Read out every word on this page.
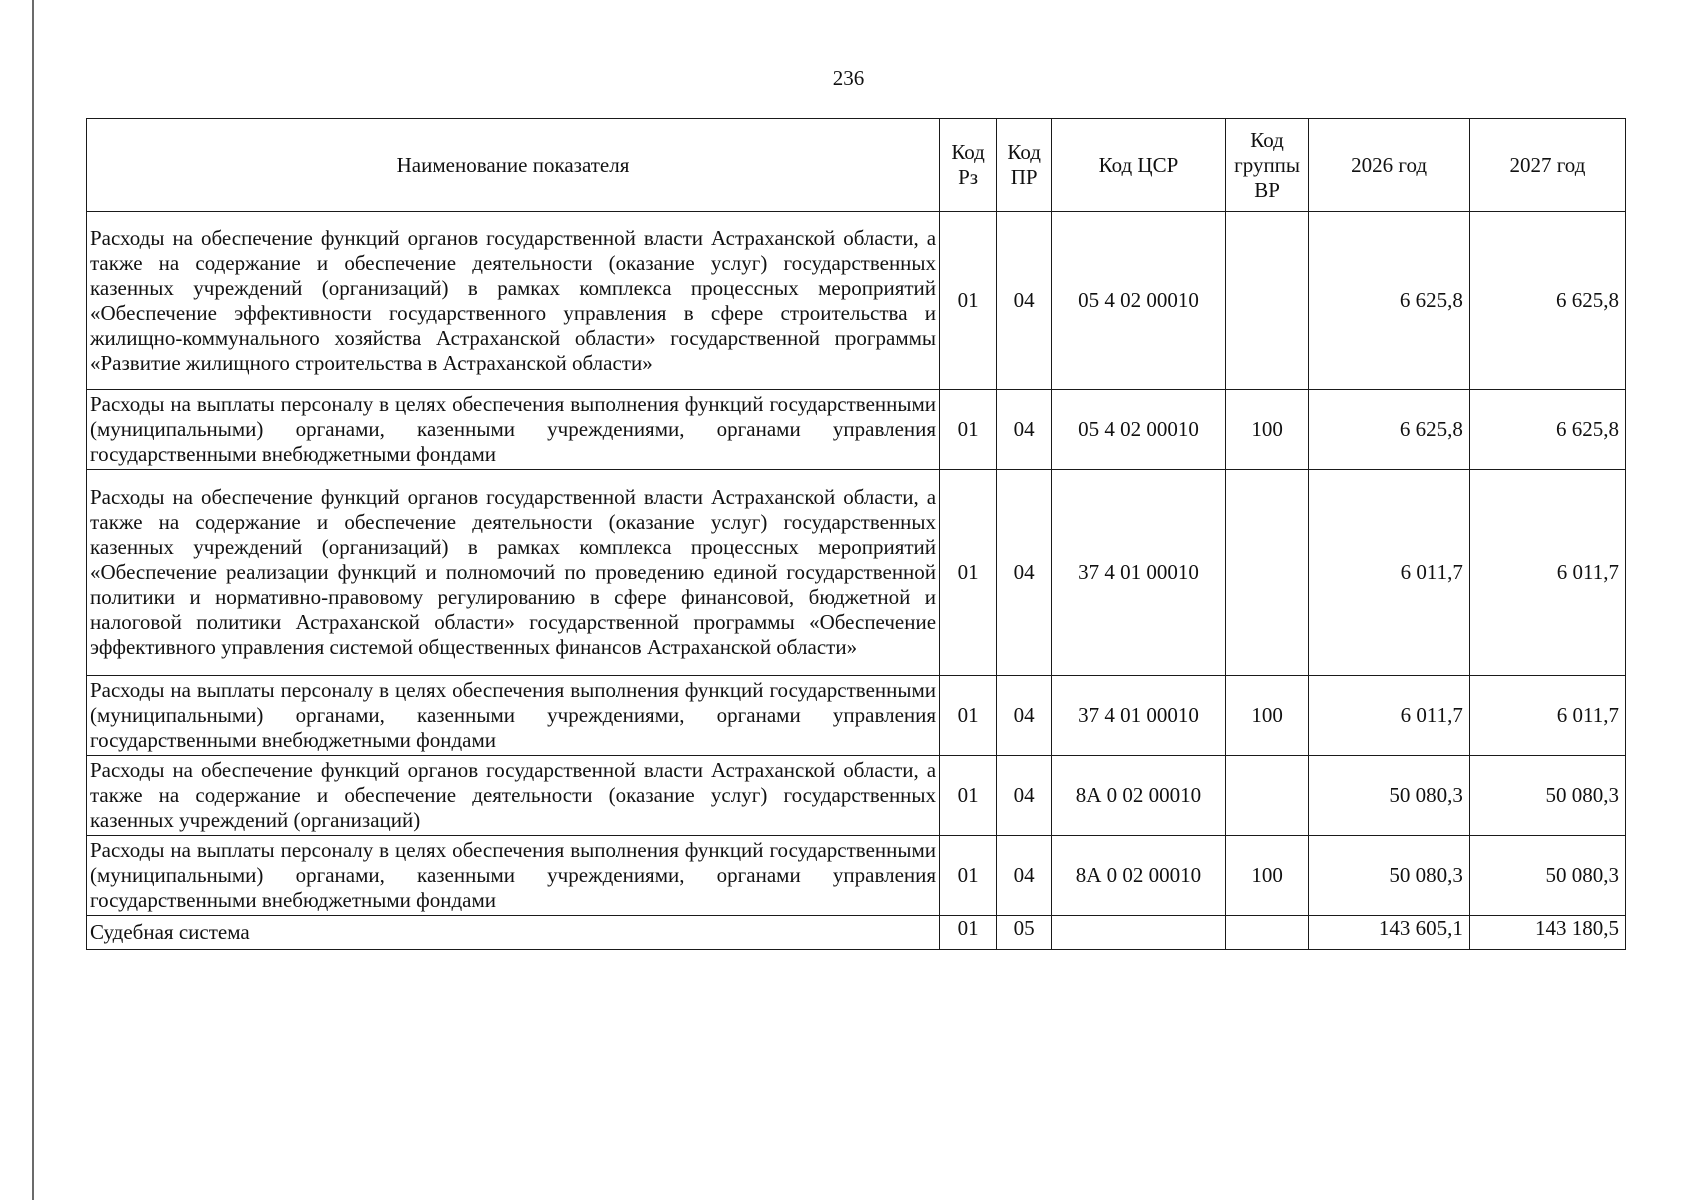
236
Наименование показателя	Код Рз	Код ПР	Код ЦСР	Код группы ВР	2026 год	2027 год
Расходы на обеспечение функций органов государственной власти Астраханской области, а также на содержание и обеспечение деятельности (оказание услуг) государственных казенных учреждений (организаций) в рамках комплекса процессных мероприятий «Обеспечение эффективности государственного управления в сфере строительства и жилищно-коммунального хозяйства Астраханской области» государственной программы «Развитие жилищного строительства в Астраханской области»	01	04	05 4 02 00010		6 625,8	6 625,8
Расходы на выплаты персоналу в целях обеспечения выполнения функций государственными (муниципальными) органами, казенными учреждениями, органами управления государственными внебюджетными фондами	01	04	05 4 02 00010	100	6 625,8	6 625,8
Расходы на обеспечение функций органов государственной власти Астраханской области, а также на содержание и обеспечение деятельности (оказание услуг) государственных казенных учреждений (организаций) в рамках комплекса процессных мероприятий «Обеспечение реализации функций и полномочий по проведению единой государственной политики и нормативно-правовому регулированию в сфере финансовой, бюджетной и налоговой политики Астраханской области» государственной программы «Обеспечение эффективного управления системой общественных финансов Астраханской области»	01	04	37 4 01 00010		6 011,7	6 011,7
Расходы на выплаты персоналу в целях обеспечения выполнения функций государственными (муниципальными) органами, казенными учреждениями, органами управления государственными внебюджетными фондами	01	04	37 4 01 00010	100	6 011,7	6 011,7
Расходы на обеспечение функций органов государственной власти Астраханской области, а также на содержание и обеспечение деятельности (оказание услуг) государственных казенных учреждений (организаций)	01	04	8А 0 02 00010		50 080,3	50 080,3
Расходы на выплаты персоналу в целях обеспечения выполнения функций государственными (муниципальными) органами, казенными учреждениями, органами управления государственными внебюджетными фондами	01	04	8А 0 02 00010	100	50 080,3	50 080,3
Судебная система	01	05			143 605,1	143 180,5
